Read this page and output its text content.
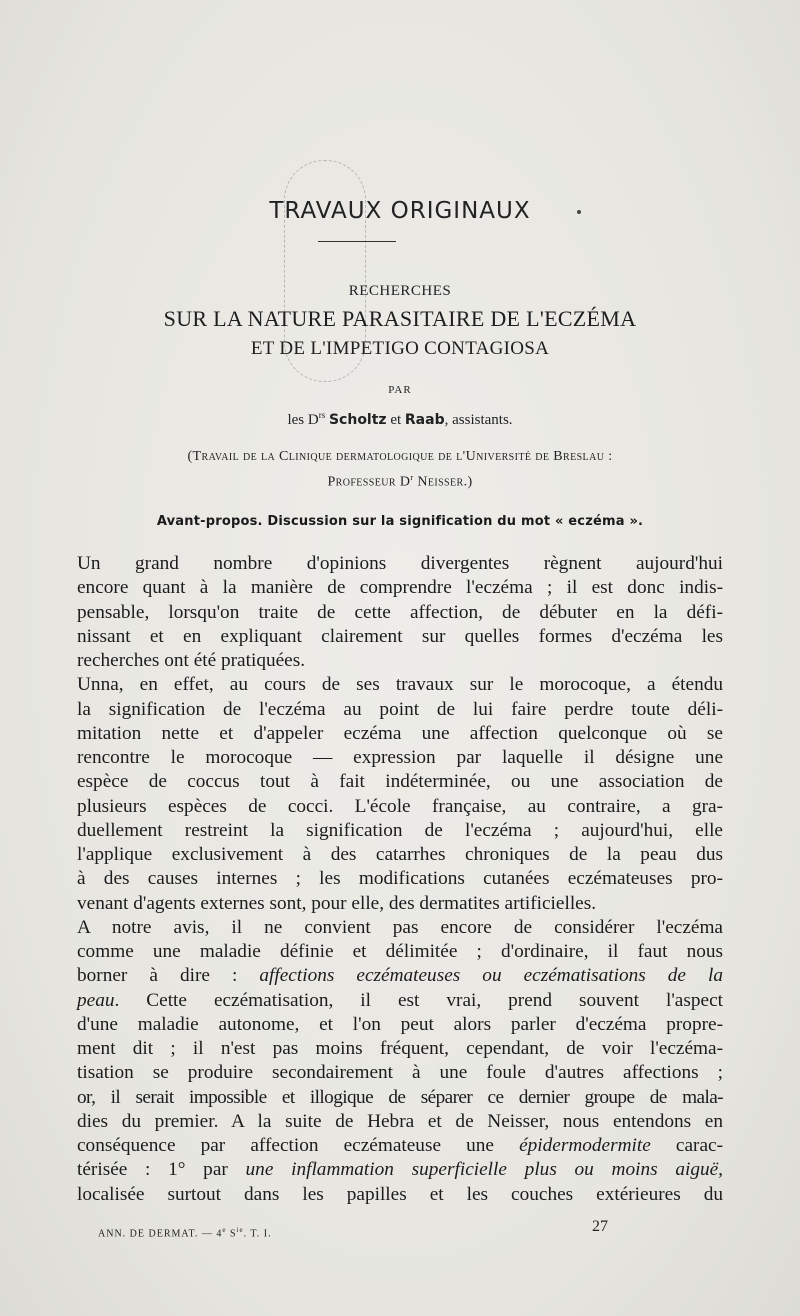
TRAVAUX ORIGINAUX
RECHERCHES
SUR LA NATURE PARASITAIRE DE L'ECZÉMA
ET DE L'IMPETIGO CONTAGIOSA
PAR
les $D^{rs}$ Scholtz et Raab, assistants.
(Travail de la Clinique dermatologique de l'Université de Breslau :
Professeur $D^r$ Neisser.)
Avant-propos. Discussion sur la signification du mot « eczéma ».
Un grand nombre d'opinions divergentes règnent aujourd'hui
encore quant à la manière de comprendre l'eczéma ; il est donc indis-
pensable, lorsqu'on traite de cette affection, de débuter en la défi-
nissant et en expliquant clairement sur quelles formes d'eczéma les
recherches ont été pratiquées.
Unna, en effet, au cours de ses travaux sur le morocoque, a étendu
la signification de l'eczéma au point de lui faire perdre toute déli-
mitation nette et d'appeler eczéma une affection quelconque où se
rencontre le morocoque — expression par laquelle il désigne une
espèce de coccus tout à fait indéterminée, ou une association de
plusieurs espèces de cocci. L'école française, au contraire, a gra-
duellement restreint la signification de l'eczéma ; aujourd'hui, elle
l'applique exclusivement à des catarrhes chroniques de la peau dus
à des causes internes ; les modifications cutanées eczémateuses pro-
venant d'agents externes sont, pour elle, des dermatites artificielles.
A notre avis, il ne convient pas encore de considérer l'eczéma
comme une maladie définie et délimitée ; d'ordinaire, il faut nous
borner à dire : affections eczémateuses ou eczématisations de la
peau. Cette eczématisation, il est vrai, prend souvent l'aspect
d'une maladie autonome, et l'on peut alors parler d'eczéma propre-
ment dit ; il n'est pas moins fréquent, cependant, de voir l'eczéma-
tisation se produire secondairement à une foule d'autres affections ;
or, il serait impossible et illogique de séparer ce dernier groupe de mala-
dies du premier. A la suite de Hebra et de Neisser, nous entendons en
conséquence par affection eczémateuse une épidermodermite carac-
térisée : 1° par une inflammation superficielle plus ou moins aiguë,
localisée surtout dans les papilles et les couches extérieures du
ANN. DE DERMAT. — 4e $S^{ie}$. T. I.	27
